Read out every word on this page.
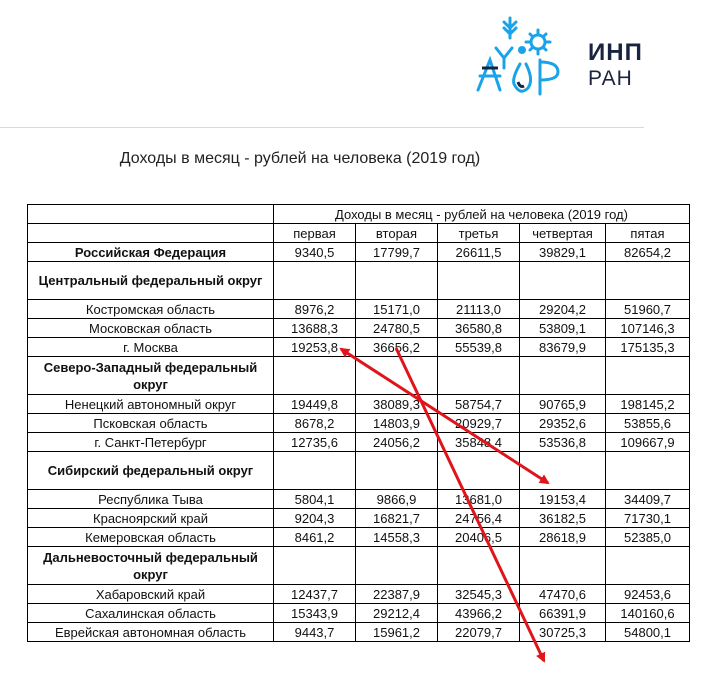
ИНП
РАН
Доходы в месяц - рублей на человека (2019 год)
	Доходы в месяц - рублей на человека (2019 год)				
	первая	вторая	третья	четвертая	пятая
Российская Федерация	9340,5	17799,7	26611,5	39829,1	82654,2
Центральный федеральный округ					
Костромская область	8976,2	15171,0	21113,0	29204,2	51960,7
Московская область	13688,3	24780,5	36580,8	53809,1	107146,3
г. Москва	19253,8	36656,2	55539,8	83679,9	175135,3
Северо-Западный федеральный округ					
Ненецкий автономный округ	19449,8	38089,3	58754,7	90765,9	198145,2
Псковская область	8678,2	14803,9	20929,7	29352,6	53855,6
г. Санкт-Петербург	12735,6	24056,2	35848,4	53536,8	109667,9
Сибирский федеральный округ					
Республика Тыва	5804,1	9866,9	13681,0	19153,4	34409,7
Красноярский край	9204,3	16821,7	24756,4	36182,5	71730,1
Кемеровская область	8461,2	14558,3	20406,5	28618,9	52385,0
Дальневосточный федеральный округ					
Хабаровский край	12437,7	22387,9	32545,3	47470,6	92453,6
Сахалинская область	15343,9	29212,4	43966,2	66391,9	140160,6
Еврейская автономная область	9443,7	15961,2	22079,7	30725,3	54800,1
